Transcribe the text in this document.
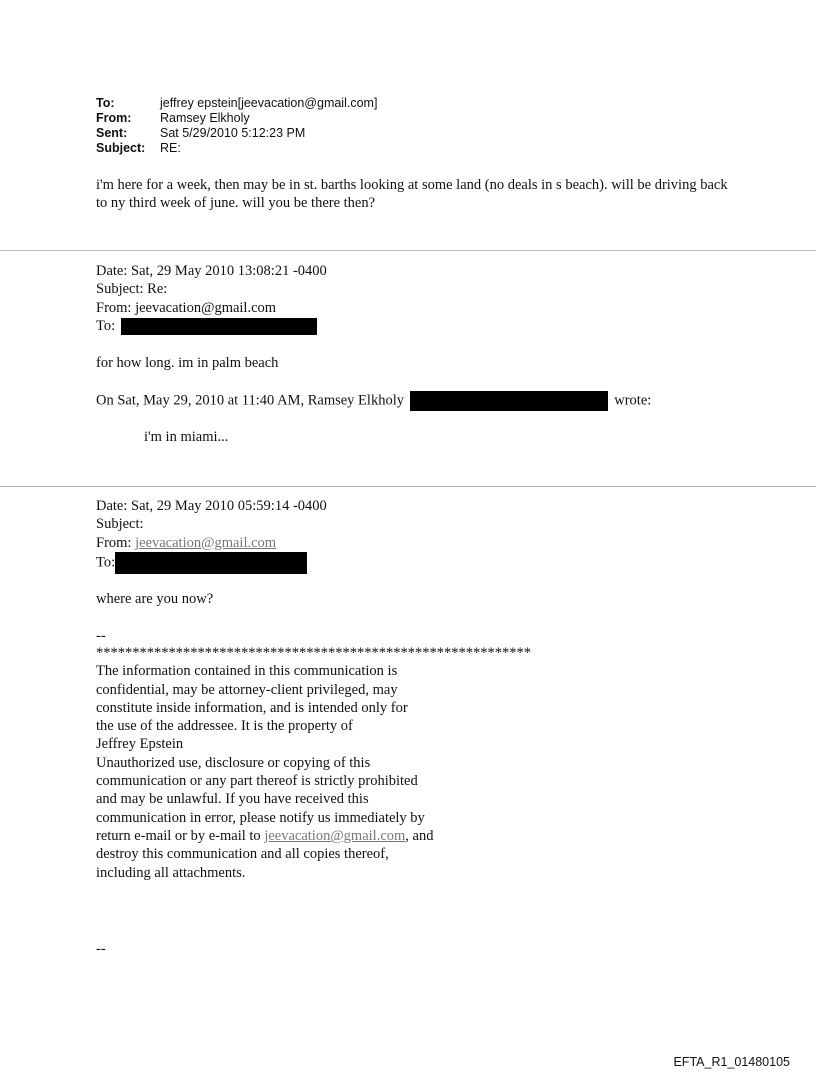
To:	jeffrey epstein[jeevacation@gmail.com]
From:	Ramsey Elkholy
Sent:	Sat 5/29/2010 5:12:23 PM
Subject:	RE:
i'm here for a week, then may be in st. barths looking at some land (no deals in s beach). will be driving back to ny third week of june. will you be there then?
Date: Sat, 29 May 2010 13:08:21 -0400
Subject: Re:
From: jeevacation@gmail.com
To:
for how long. im in palm beach
On Sat, May 29, 2010 at 11:40 AM, Ramsey Elkholy	wrote:
i'm in miami...
Date: Sat, 29 May 2010 05:59:14 -0400
Subject:
From: jeevacation@gmail.com
To:
where are you now?
--
************************************************************
The information contained in this communication is
confidential, may be attorney-client privileged, may
constitute inside information, and is intended only for
the use of the addressee. It is the property of
Jeffrey Epstein
Unauthorized use, disclosure or copying of this
communication or any part thereof is strictly prohibited
and may be unlawful. If you have received this
communication in error, please notify us immediately by
return e-mail or by e-mail to jeevacation@gmail.com, and
destroy this communication and all copies thereof,
including all attachments.
--
EFTA_R1_01480105
